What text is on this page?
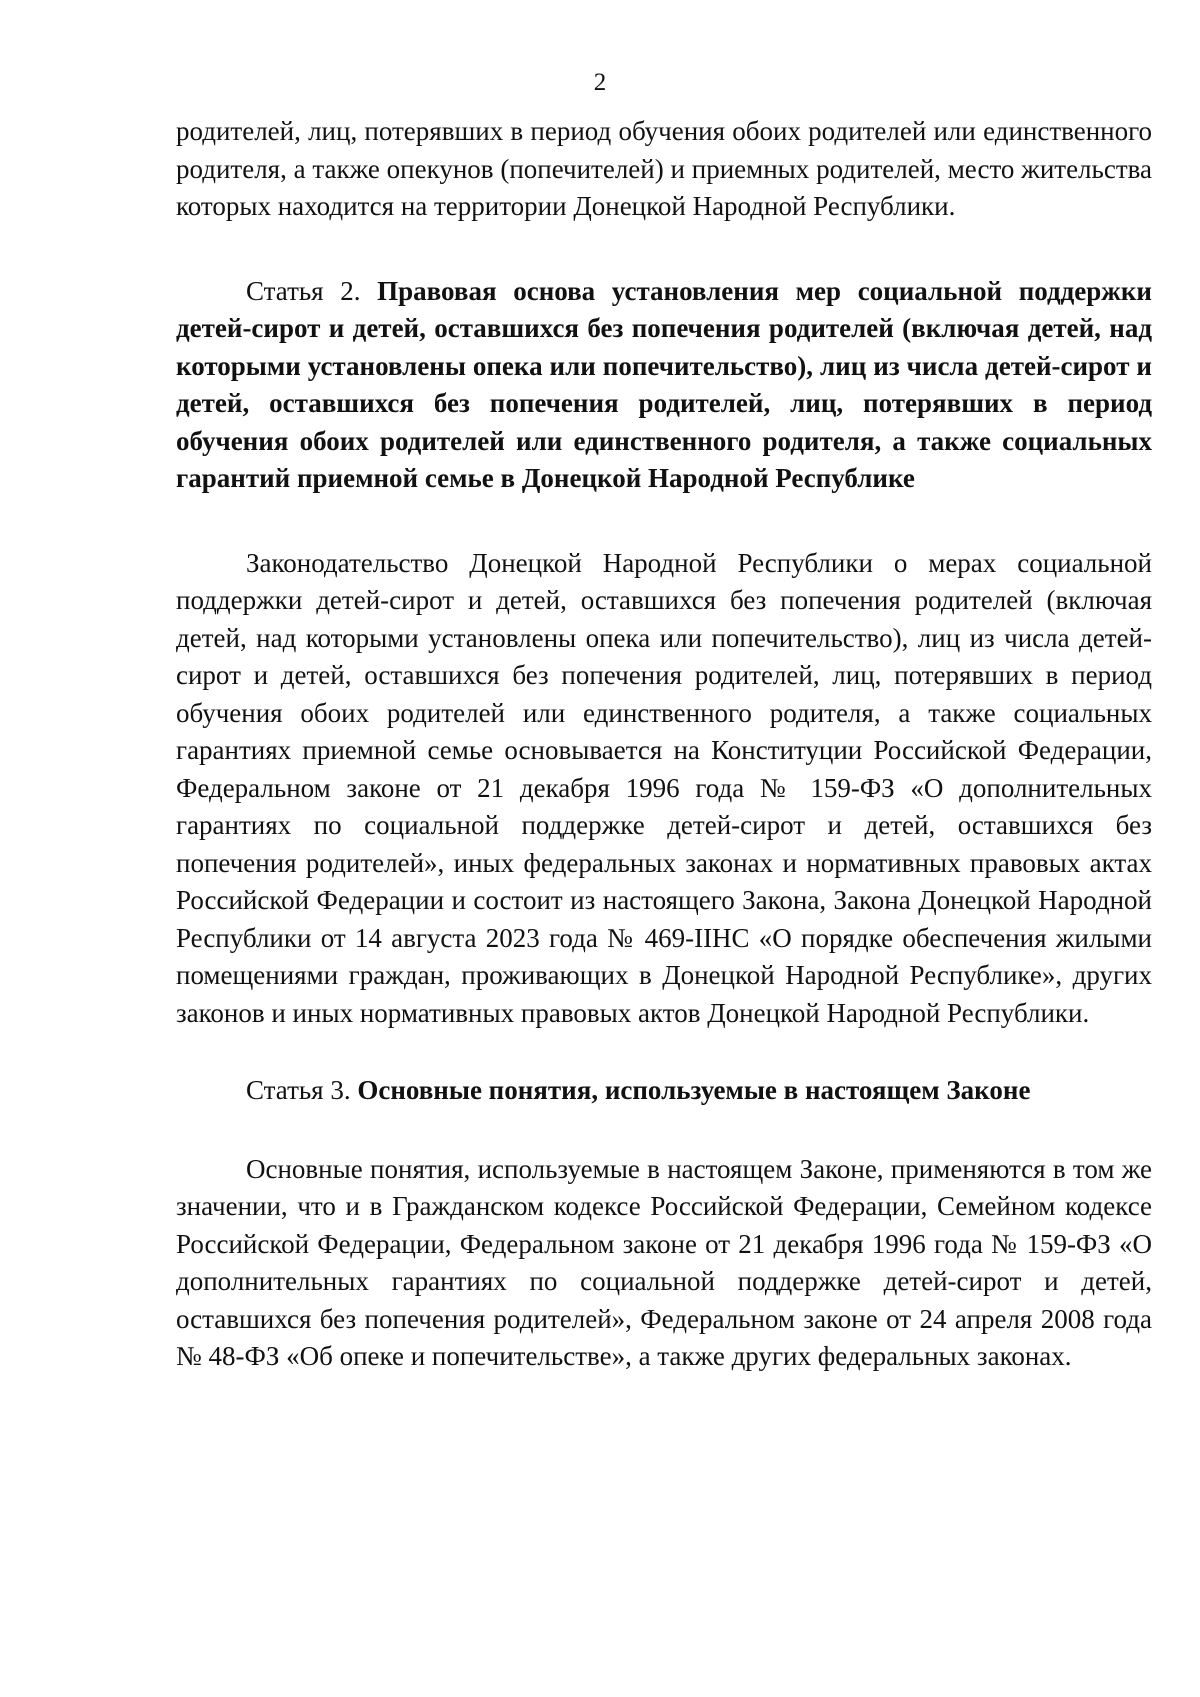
2

родителей, лиц, потерявших в период обучения обоих родителей или единственного родителя, а также опекунов (попечителей) и приемных родителей, место жительства которых находится на территории Донецкой Народной Республики.

Статья 2. Правовая основа установления мер социальной поддержки детей-сирот и детей, оставшихся без попечения родителей (включая детей, над которыми установлены опека или попечительство), лиц из числа детей-сирот и детей, оставшихся без попечения родителей, лиц, потерявших в период обучения обоих родителей или единственного родителя, а также социальных гарантий приемной семье в Донецкой Народной Республике

Законодательство Донецкой Народной Республики о мерах социальной поддержки детей-сирот и детей, оставшихся без попечения родителей (включая детей, над которыми установлены опека или попечительство), лиц из числа детей-сирот и детей, оставшихся без попечения родителей, лиц, потерявших в период обучения обоих родителей или единственного родителя, а также социальных гарантиях приемной семье основывается на Конституции Российской Федерации, Федеральном законе от 21 декабря 1996 года № 159-ФЗ «О дополнительных гарантиях по социальной поддержке детей-сирот и детей, оставшихся без попечения родителей», иных федеральных законах и нормативных правовых актах Российской Федерации и состоит из настоящего Закона, Закона Донецкой Народной Республики от 14 августа 2023 года № 469-IIНС «О порядке обеспечения жилыми помещениями граждан, проживающих в Донецкой Народной Республике», других законов и иных нормативных правовых актов Донецкой Народной Республики.

Статья 3. Основные понятия, используемые в настоящем Законе

Основные понятия, используемые в настоящем Законе, применяются в том же значении, что и в Гражданском кодексе Российской Федерации, Семейном кодексе Российской Федерации, Федеральном законе от 21 декабря 1996 года № 159-ФЗ «О дополнительных гарантиях по социальной поддержке детей-сирот и детей, оставшихся без попечения родителей», Федеральном законе от 24 апреля 2008 года № 48-ФЗ «Об опеке и попечительстве», а также других федеральных законах.
